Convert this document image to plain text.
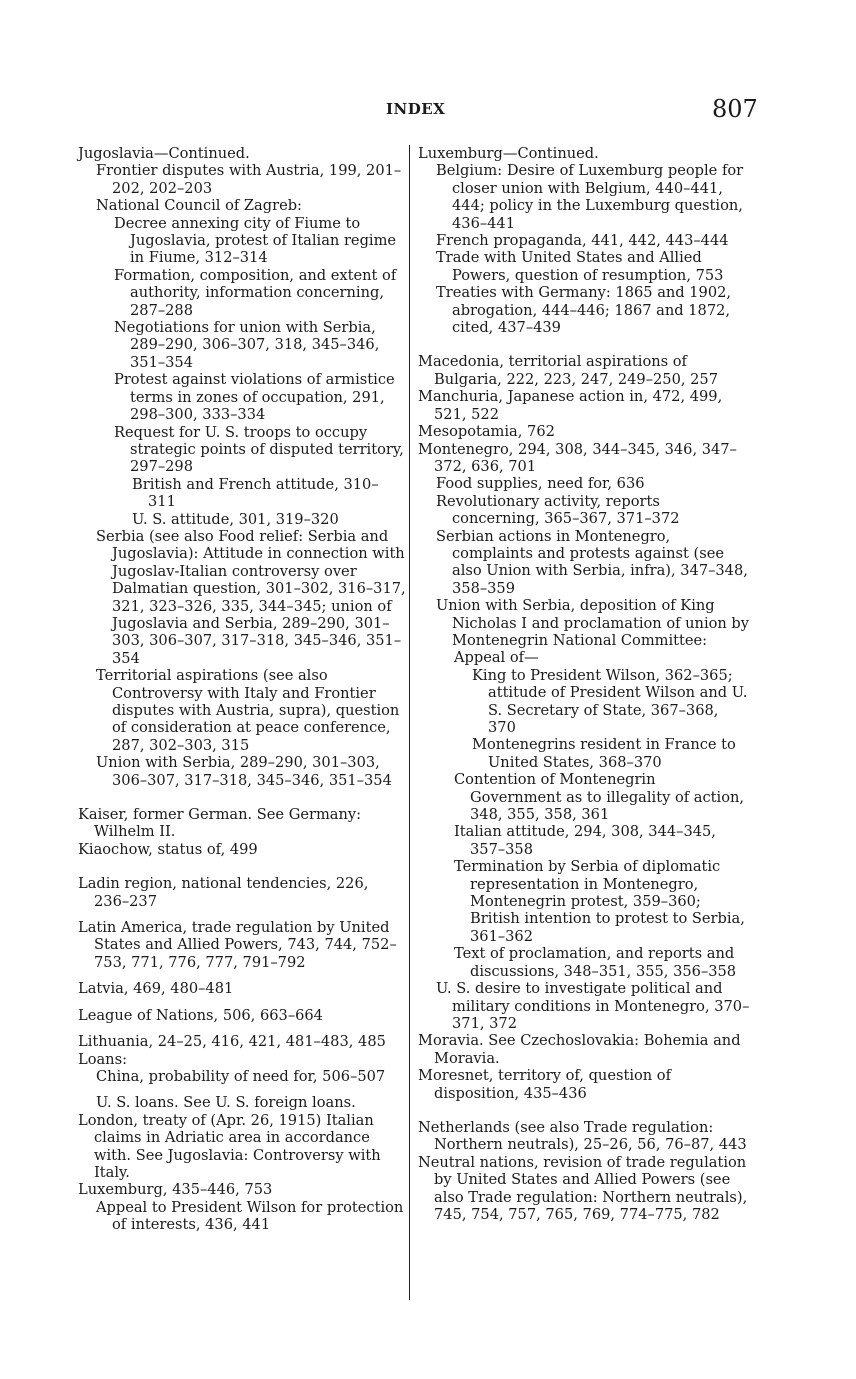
INDEX	807
Jugoslavia—Continued.
Frontier disputes with Austria, 199, 201–202, 202–203
National Council of Zagreb:
Decree annexing city of Fiume to Jugoslavia, protest of Italian regime in Fiume, 312–314
Formation, composition, and extent of authority, information concerning, 287–288
Negotiations for union with Serbia, 289–290, 306–307, 318, 345–346, 351–354
Protest against violations of armistice terms in zones of occupation, 291, 298–300, 333–334
Request for U. S. troops to occupy strategic points of disputed territory, 297–298
British and French attitude, 310–311
U. S. attitude, 301, 319–320
Serbia (see also Food relief: Serbia and Jugoslavia): Attitude in connection with Jugoslav-Italian controversy over Dalmatian question, 301–302, 316–317, 321, 323–326, 335, 344–345; union of Jugoslavia and Serbia, 289–290, 301–303, 306–307, 317–318, 345–346, 351–354
Territorial aspirations (see also Controversy with Italy and Frontier disputes with Austria, supra), question of consideration at peace conference, 287, 302–303, 315
Union with Serbia, 289–290, 301–303, 306–307, 317–318, 345–346, 351–354
Kaiser, former German. See Germany: Wilhelm II.
Kiaochow, status of, 499
Ladin region, national tendencies, 226, 236–237
Latin America, trade regulation by United States and Allied Powers, 743, 744, 752–753, 771, 776, 777, 791–792
Latvia, 469, 480–481
League of Nations, 506, 663–664
Lithuania, 24–25, 416, 421, 481–483, 485
Loans:
China, probability of need for, 506–507
U. S. loans. See U. S. foreign loans.
London, treaty of (Apr. 26, 1915) Italian claims in Adriatic area in accordance with. See Jugoslavia: Controversy with Italy.
Luxemburg, 435–446, 753
Appeal to President Wilson for protection of interests, 436, 441
Luxemburg—Continued.
Belgium: Desire of Luxemburg people for closer union with Belgium, 440–441, 444; policy in the Luxemburg question, 436–441
French propaganda, 441, 442, 443–444
Trade with United States and Allied Powers, question of resumption, 753
Treaties with Germany: 1865 and 1902, abrogation, 444–446; 1867 and 1872, cited, 437–439
Macedonia, territorial aspirations of Bulgaria, 222, 223, 247, 249–250, 257
Manchuria, Japanese action in, 472, 499, 521, 522
Mesopotamia, 762
Montenegro, 294, 308, 344–345, 346, 347–372, 636, 701
Food supplies, need for, 636
Revolutionary activity, reports concerning, 365–367, 371–372
Serbian actions in Montenegro, complaints and protests against (see also Union with Serbia, infra), 347–348, 358–359
Union with Serbia, deposition of King Nicholas I and proclamation of union by Montenegrin National Committee:
Appeal of—
King to President Wilson, 362–365; attitude of President Wilson and U. S. Secretary of State, 367–368, 370
Montenegrins resident in France to United States, 368–370
Contention of Montenegrin Government as to illegality of action, 348, 355, 358, 361
Italian attitude, 294, 308, 344–345, 357–358
Termination by Serbia of diplomatic representation in Montenegro, Montenegrin protest, 359–360; British intention to protest to Serbia, 361–362
Text of proclamation, and reports and discussions, 348–351, 355, 356–358
U. S. desire to investigate political and military conditions in Montenegro, 370–371, 372
Moravia. See Czechoslovakia: Bohemia and Moravia.
Moresnet, territory of, question of disposition, 435–436
Netherlands (see also Trade regulation: Northern neutrals), 25–26, 56, 76–87, 443
Neutral nations, revision of trade regulation by United States and Allied Powers (see also Trade regulation: Northern neutrals), 745, 754, 757, 765, 769, 774–775, 782
